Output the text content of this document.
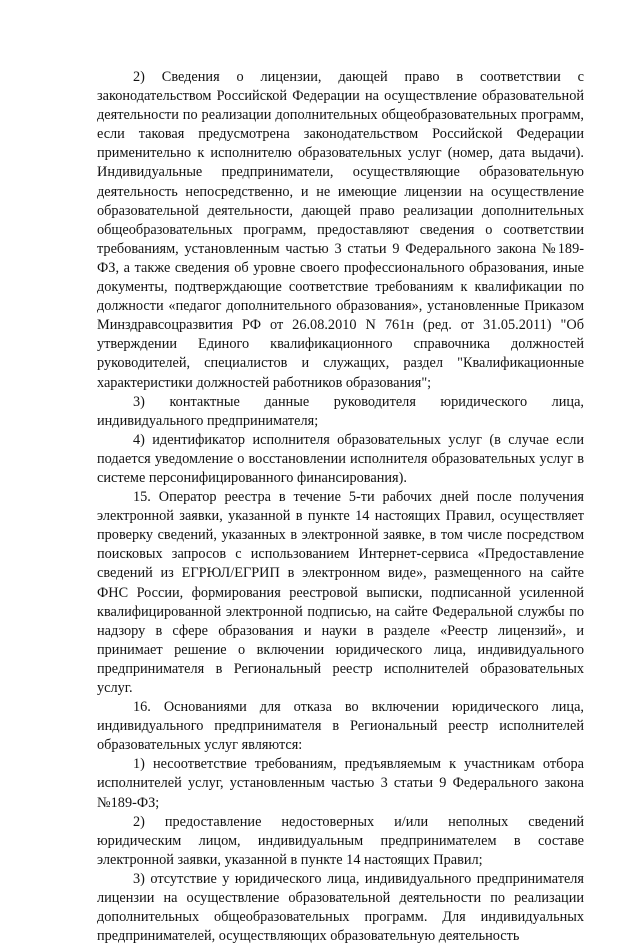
2) Сведения о лицензии, дающей право в соответствии с законодательством Российской Федерации на осуществление образовательной деятельности по реализации дополнительных общеобразовательных программ, если таковая предусмотрена законодательством Российской Федерации применительно к исполнителю образовательных услуг (номер, дата выдачи). Индивидуальные предприниматели, осуществляющие образовательную деятельность непосредственно, и не имеющие лицензии на осуществление образовательной деятельности, дающей право реализации дополнительных общеобразовательных программ, предоставляют сведения о соответствии требованиям, установленным частью 3 статьи 9 Федерального закона №189-ФЗ, а также сведения об уровне своего профессионального образования, иные документы, подтверждающие соответствие требованиям к квалификации по должности «педагог дополнительного образования», установленные Приказом Минздравсоцразвития РФ от 26.08.2010 N 761н (ред. от 31.05.2011) "Об утверждении Единого квалификационного справочника должностей руководителей, специалистов и служащих, раздел "Квалификационные характеристики должностей работников образования";

3) контактные данные руководителя юридического лица, индивидуального предпринимателя;

4) идентификатор исполнителя образовательных услуг (в случае если подается уведомление о восстановлении исполнителя образовательных услуг в системе персонифицированного финансирования).

15. Оператор реестра в течение 5-ти рабочих дней после получения электронной заявки, указанной в пункте 14 настоящих Правил, осуществляет проверку сведений, указанных в электронной заявке, в том числе посредством поисковых запросов с использованием Интернет-сервиса «Предоставление сведений из ЕГРЮЛ/ЕГРИП в электронном виде», размещенного на сайте ФНС России, формирования реестровой выписки, подписанной усиленной квалифицированной электронной подписью, на сайте Федеральной службы по надзору в сфере образования и науки в разделе «Реестр лицензий», и принимает решение о включении юридического лица, индивидуального предпринимателя в Региональный реестр исполнителей образовательных услуг.

16. Основаниями для отказа во включении юридического лица, индивидуального предпринимателя в Региональный реестр исполнителей образовательных услуг являются:

1) несоответствие требованиям, предъявляемым к участникам отбора исполнителей услуг, установленным частью 3 статьи 9 Федерального закона №189-ФЗ;

2) предоставление недостоверных и/или неполных сведений юридическим лицом, индивидуальным предпринимателем в составе электронной заявки, указанной в пункте 14 настоящих Правил;

3) отсутствие у юридического лица, индивидуального предпринимателя лицензии на осуществление образовательной деятельности по реализации дополнительных общеобразовательных программ. Для индивидуальных предпринимателей, осуществляющих образовательную деятельность
